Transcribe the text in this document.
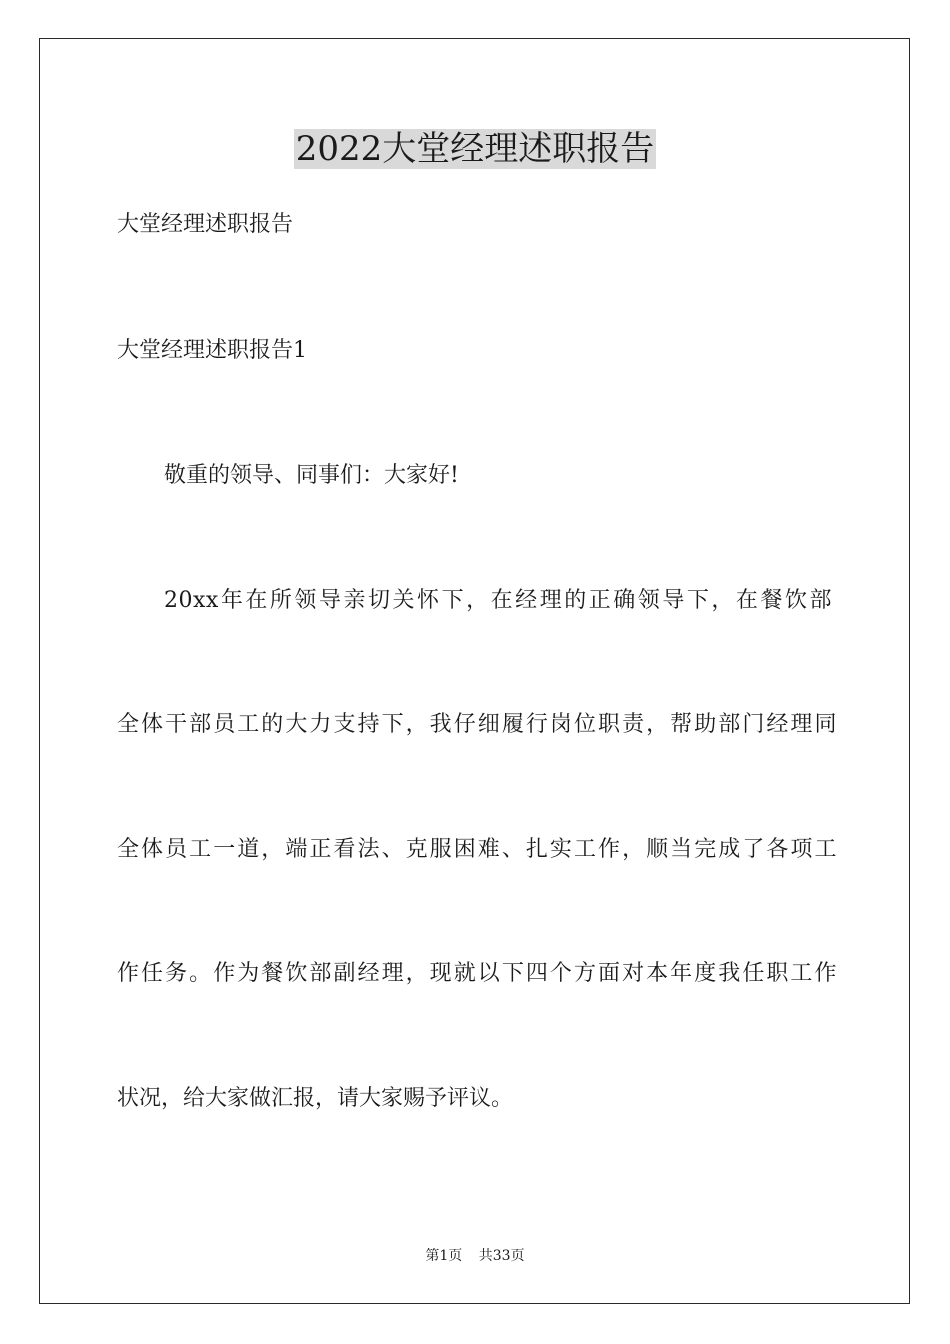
2022大堂经理述职报告

大堂经理述职报告

大堂经理述职报告1

敬重的领导、同事们：大家好!

20xx年在所领导亲切关怀下，在经理的正确领导下，在餐饮部

全体干部员工的大力支持下，我仔细履行岗位职责，帮助部门经理同

全体员工一道，端正看法、克服困难、扎实工作，顺当完成了各项工

作任务。作为餐饮部副经理，现就以下四个方面对本年度我任职工作

状况，给大家做汇报，请大家赐予评议。

第1页 共33页
